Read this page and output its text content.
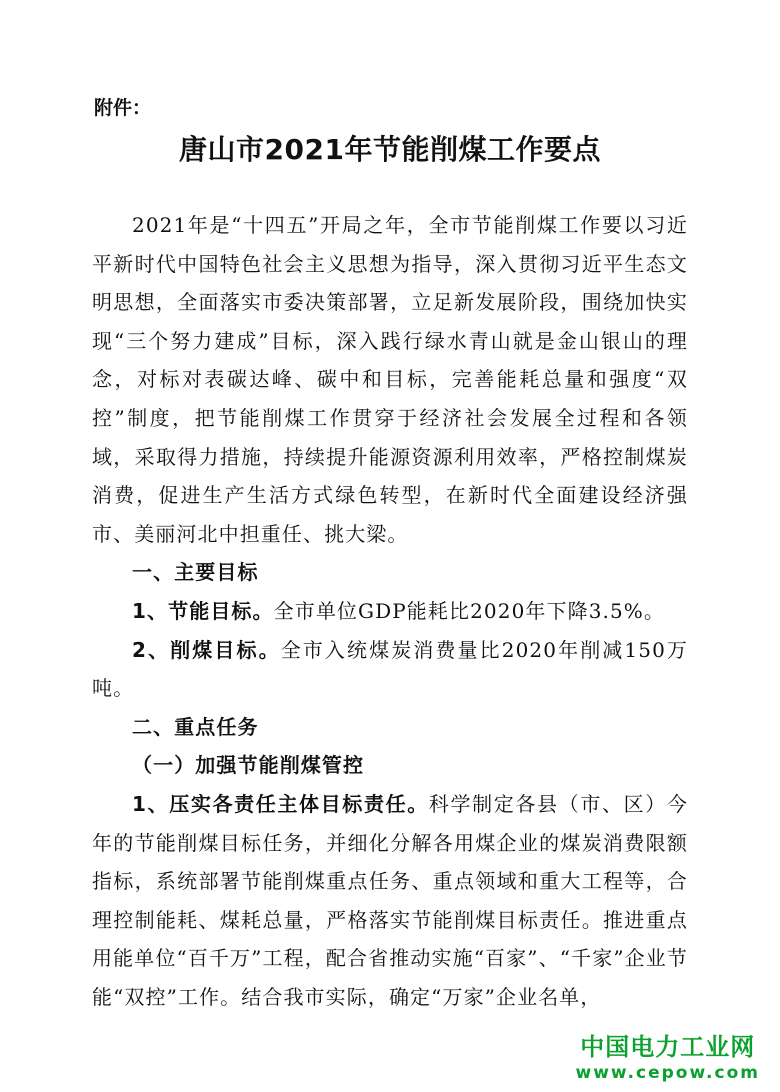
附件：
唐山市2021年节能削煤工作要点

2021年是“十四五”开局之年，全市节能削煤工作要以习近平新时代中国特色社会主义思想为指导，深入贯彻习近平生态文明思想，全面落实市委决策部署，立足新发展阶段，围绕加快实现“三个努力建成”目标，深入践行绿水青山就是金山银山的理念，对标对表碳达峰、碳中和目标，完善能耗总量和强度“双控”制度，把节能削煤工作贯穿于经济社会发展全过程和各领域，采取得力措施，持续提升能源资源利用效率，严格控制煤炭消费，促进生产生活方式绿色转型，在新时代全面建设经济强市、美丽河北中担重任、挑大梁。

一、主要目标

1、节能目标。全市单位GDP能耗比2020年下降3.5%。

2、削煤目标。全市入统煤炭消费量比2020年削减150万吨。

二、重点任务

（一）加强节能削煤管控

1、压实各责任主体目标责任。科学制定各县（市、区）今年的节能削煤目标任务，并细化分解各用煤企业的煤炭消费限额指标，系统部署节能削煤重点任务、重点领域和重大工程等，合理控制能耗、煤耗总量，严格落实节能削煤目标责任。推进重点用能单位“百千万”工程，配合省推动实施“百家”、“千家”企业节能“双控”工作。结合我市实际，确定“万家”企业名单，

中国电力工业网
www.cepow.com
